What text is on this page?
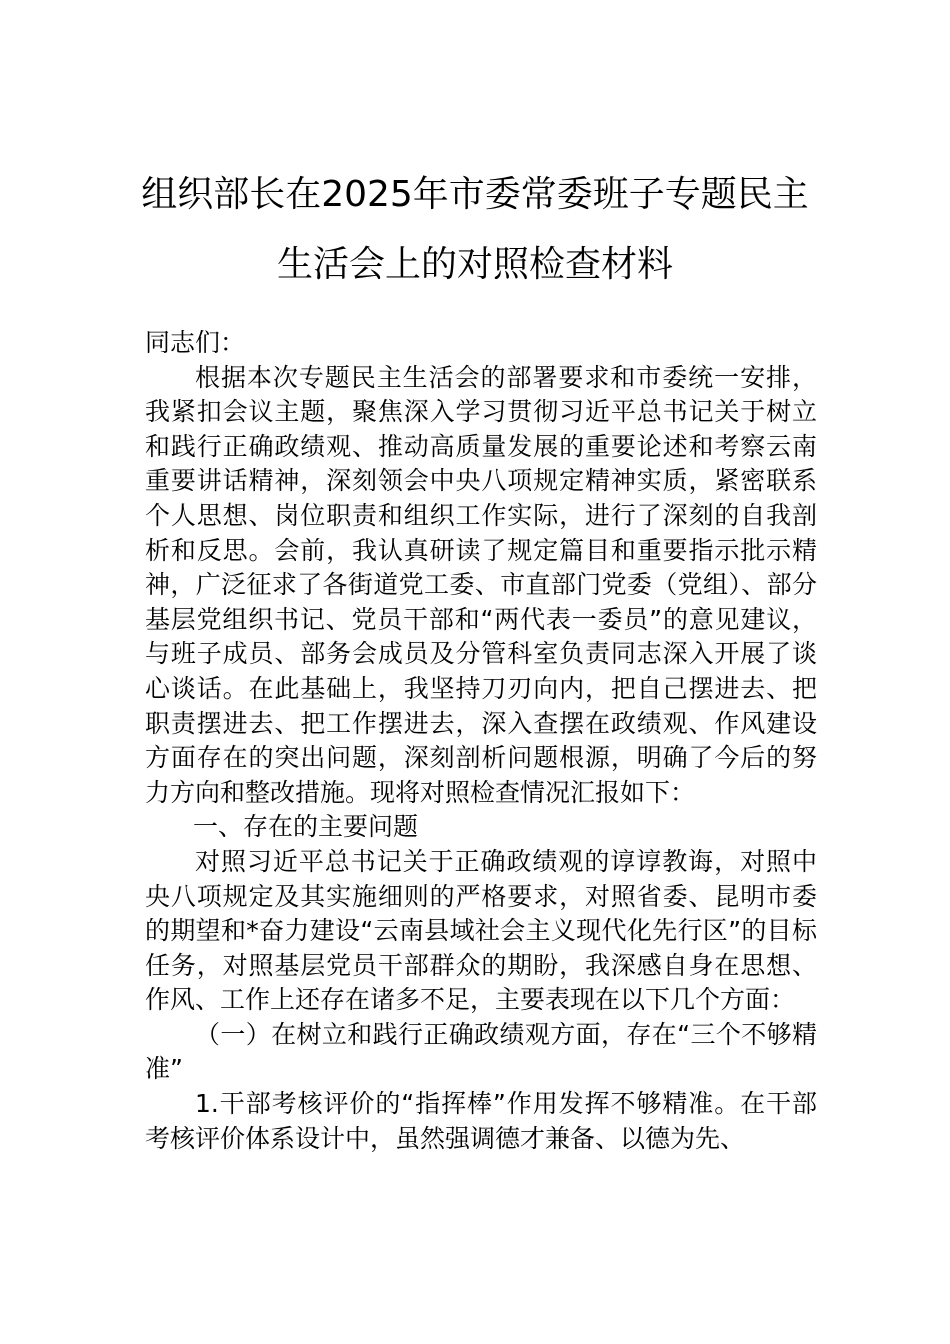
组织部长在2025年市委常委班子专题民主
生活会上的对照检查材料

同志们：

根据本次专题民主生活会的部署要求和市委统一安排，我紧扣会议主题，聚焦深入学习贯彻习近平总书记关于树立和践行正确政绩观、推动高质量发展的重要论述和考察云南重要讲话精神，深刻领会中央八项规定精神实质，紧密联系个人思想、岗位职责和组织工作实际，进行了深刻的自我剖析和反思。会前，我认真研读了规定篇目和重要指示批示精神，广泛征求了各街道党工委、市直部门党委（党组）、部分基层党组织书记、党员干部和“两代表一委员”的意见建议，与班子成员、部务会成员及分管科室负责同志深入开展了谈心谈话。在此基础上，我坚持刀刃向内，把自己摆进去、把职责摆进去、把工作摆进去，深入查摆在政绩观、作风建设方面存在的突出问题，深刻剖析问题根源，明确了今后的努力方向和整改措施。现将对照检查情况汇报如下：

一、存在的主要问题

对照习近平总书记关于正确政绩观的谆谆教诲，对照中央八项规定及其实施细则的严格要求，对照省委、昆明市委的期望和*奋力建设“云南县域社会主义现代化先行区”的目标任务，对照基层党员干部群众的期盼，我深感自身在思想、作风、工作上还存在诸多不足，主要表现在以下几个方面：

（一）在树立和践行正确政绩观方面，存在“三个不够精准”

1.干部考核评价的“指挥棒”作用发挥不够精准。在干部考核评价体系设计中，虽然强调德才兼备、以德为先、
